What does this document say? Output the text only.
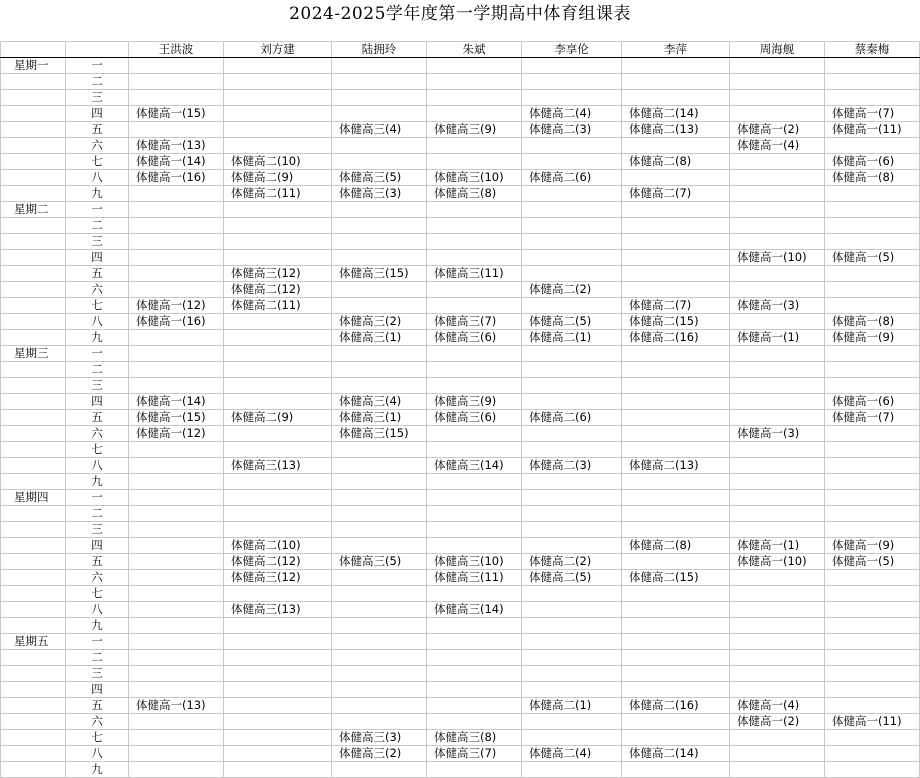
2024-2025学年度第一学期高中体育组课表
		王洪波	刘方建	陆拥玲	朱斌	李享伦	李萍	周海舰	蔡秦梅
星期一	一								
	二								
	三								
	四	体健高一(15)				体健高二(4)	体健高二(14)		体健高一(7)
	五			体健高三(4)	体健高三(9)	体健高二(3)	体健高二(13)	体健高一(2)	体健高一(11)
	六	体健高一(13)						体健高一(4)	
	七	体健高一(14)	体健高二(10)				体健高二(8)		体健高一(6)
	八	体健高一(16)	体健高二(9)	体健高三(5)	体健高三(10)	体健高二(6)			体健高一(8)
	九		体健高二(11)	体健高三(3)	体健高三(8)		体健高二(7)		
星期二	一								
	二								
	三								
	四							体健高一(10)	体健高一(5)
	五		体健高三(12)	体健高三(15)	体健高三(11)				
	六		体健高二(12)			体健高二(2)			
	七	体健高一(12)	体健高二(11)				体健高二(7)	体健高一(3)	
	八	体健高一(16)		体健高三(2)	体健高三(7)	体健高二(5)	体健高二(15)		体健高一(8)
	九			体健高三(1)	体健高三(6)	体健高二(1)	体健高二(16)	体健高一(1)	体健高一(9)
星期三	一								
	二								
	三								
	四	体健高一(14)		体健高三(4)	体健高三(9)				体健高一(6)
	五	体健高一(15)	体健高二(9)	体健高三(1)	体健高三(6)	体健高二(6)			体健高一(7)
	六	体健高一(12)		体健高三(15)				体健高一(3)	
	七								
	八		体健高三(13)		体健高三(14)	体健高二(3)	体健高二(13)		
	九								
星期四	一								
	二								
	三								
	四		体健高二(10)				体健高二(8)	体健高一(1)	体健高一(9)
	五		体健高二(12)	体健高三(5)	体健高三(10)	体健高二(2)		体健高一(10)	体健高一(5)
	六		体健高三(12)		体健高三(11)	体健高二(5)	体健高二(15)		
	七								
	八		体健高三(13)		体健高三(14)				
	九								
星期五	一								
	二								
	三								
	四								
	五	体健高一(13)				体健高二(1)	体健高二(16)	体健高一(4)	
	六							体健高一(2)	体健高一(11)
	七			体健高三(3)	体健高三(8)				
	八			体健高三(2)	体健高三(7)	体健高二(4)	体健高二(14)		
	九								
